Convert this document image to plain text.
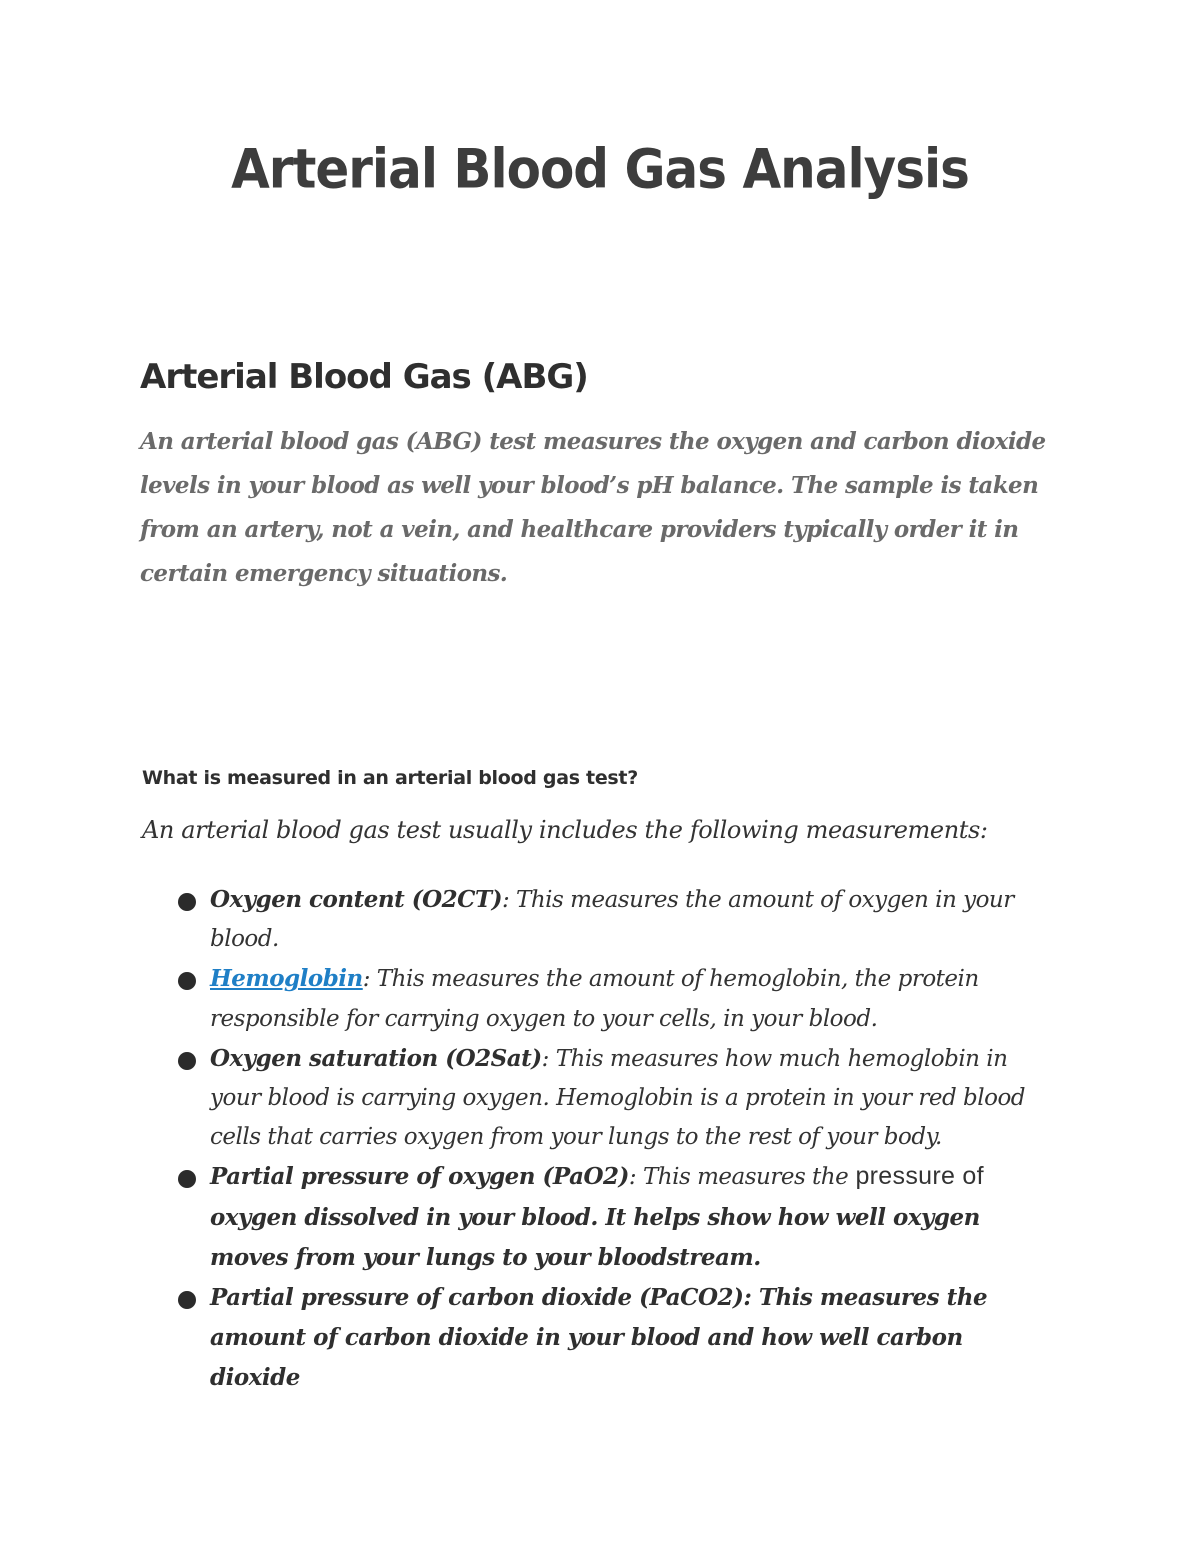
Arterial Blood Gas Analysis
Arterial Blood Gas (ABG)

An arterial blood gas (ABG) test measures the oxygen and carbon dioxide levels in your blood as well your blood’s pH balance. The sample is taken from an artery, not a vein, and healthcare providers typically order it in certain emergency situations.

What is measured in an arterial blood gas test?

An arterial blood gas test usually includes the following measurements:

Oxygen content (O2CT): This measures the amount of oxygen in your blood.
Hemoglobin: This measures the amount of hemoglobin, the protein responsible for carrying oxygen to your cells, in your blood.
Oxygen saturation (O2Sat): This measures how much hemoglobin in your blood is carrying oxygen. Hemoglobin is a protein in your red blood cells that carries oxygen from your lungs to the rest of your body.
Partial pressure of oxygen (PaO2): This measures the pressure of oxygen dissolved in your blood. It helps show how well oxygen moves from your lungs to your bloodstream.
Partial pressure of carbon dioxide (PaCO2): This measures the amount of carbon dioxide in your blood and how well carbon dioxide
